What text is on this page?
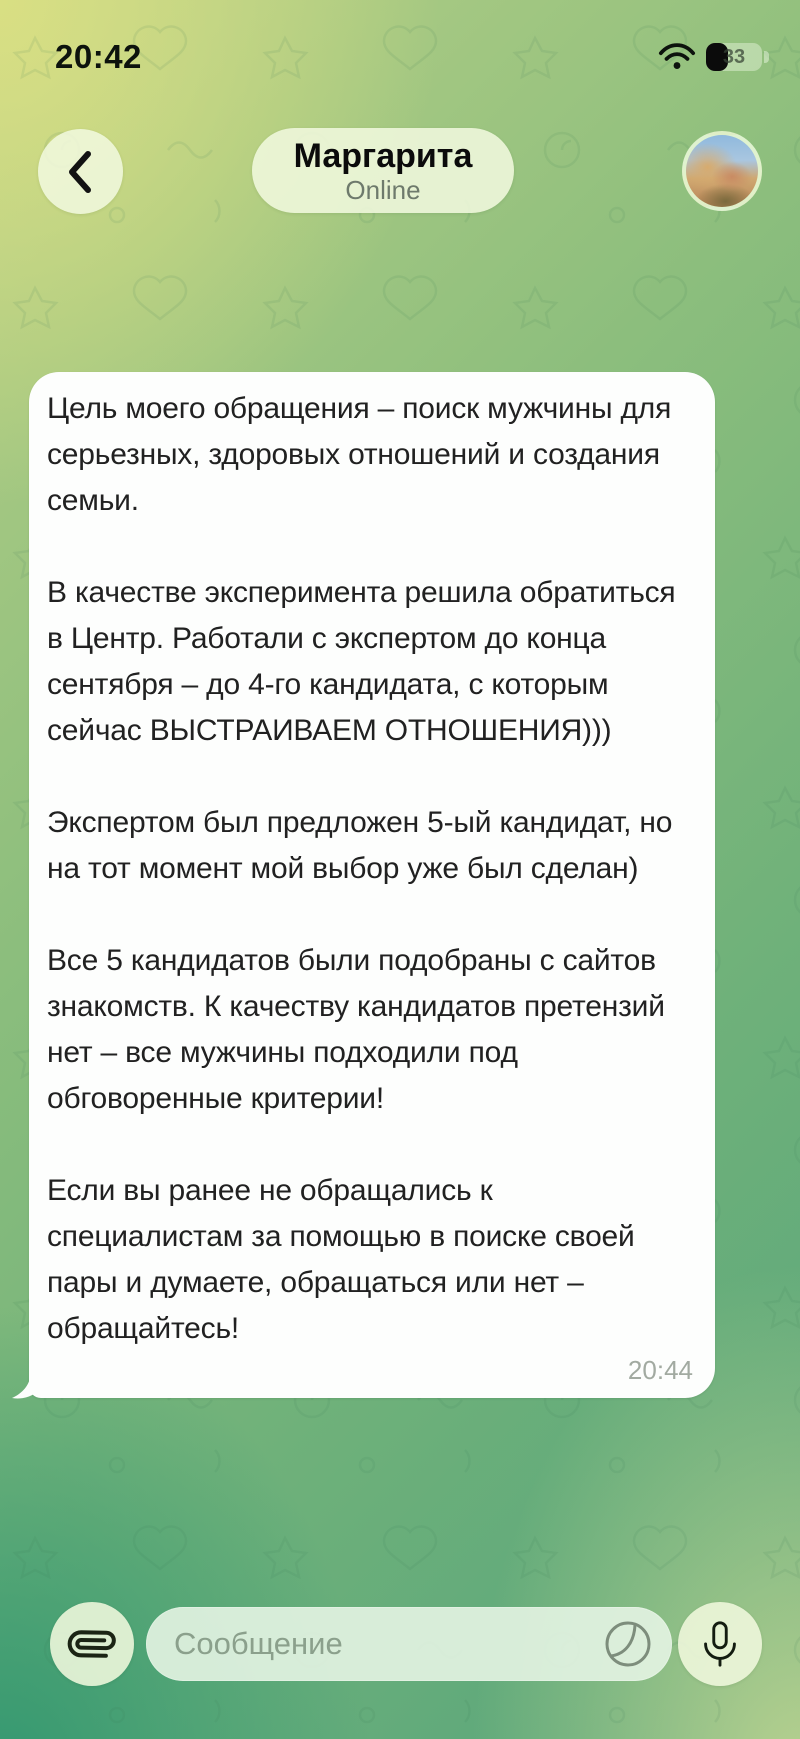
20:42	33
Маргарита
Online

Цель моего обращения – поиск мужчины для серьезных, здоровых отношений и создания семьи.

В качестве эксперимента решила обратиться в Центр. Работали с экспертом до конца сентября – до 4-го кандидата, с которым сейчас ВЫСТРАИВАЕМ ОТНОШЕНИЯ)))

Экспертом был предложен 5-ый кандидат, но на тот момент мой выбор уже был сделан)

Все 5 кандидатов были подобраны с сайтов знакомств. К качеству кандидатов претензий нет – все мужчины подходили под обговоренные критерии!

Если вы ранее не обращались к специалистам за помощью в поиске своей пары и думаете, обращаться или нет – обращайтесь!

20:44
Сообщение
